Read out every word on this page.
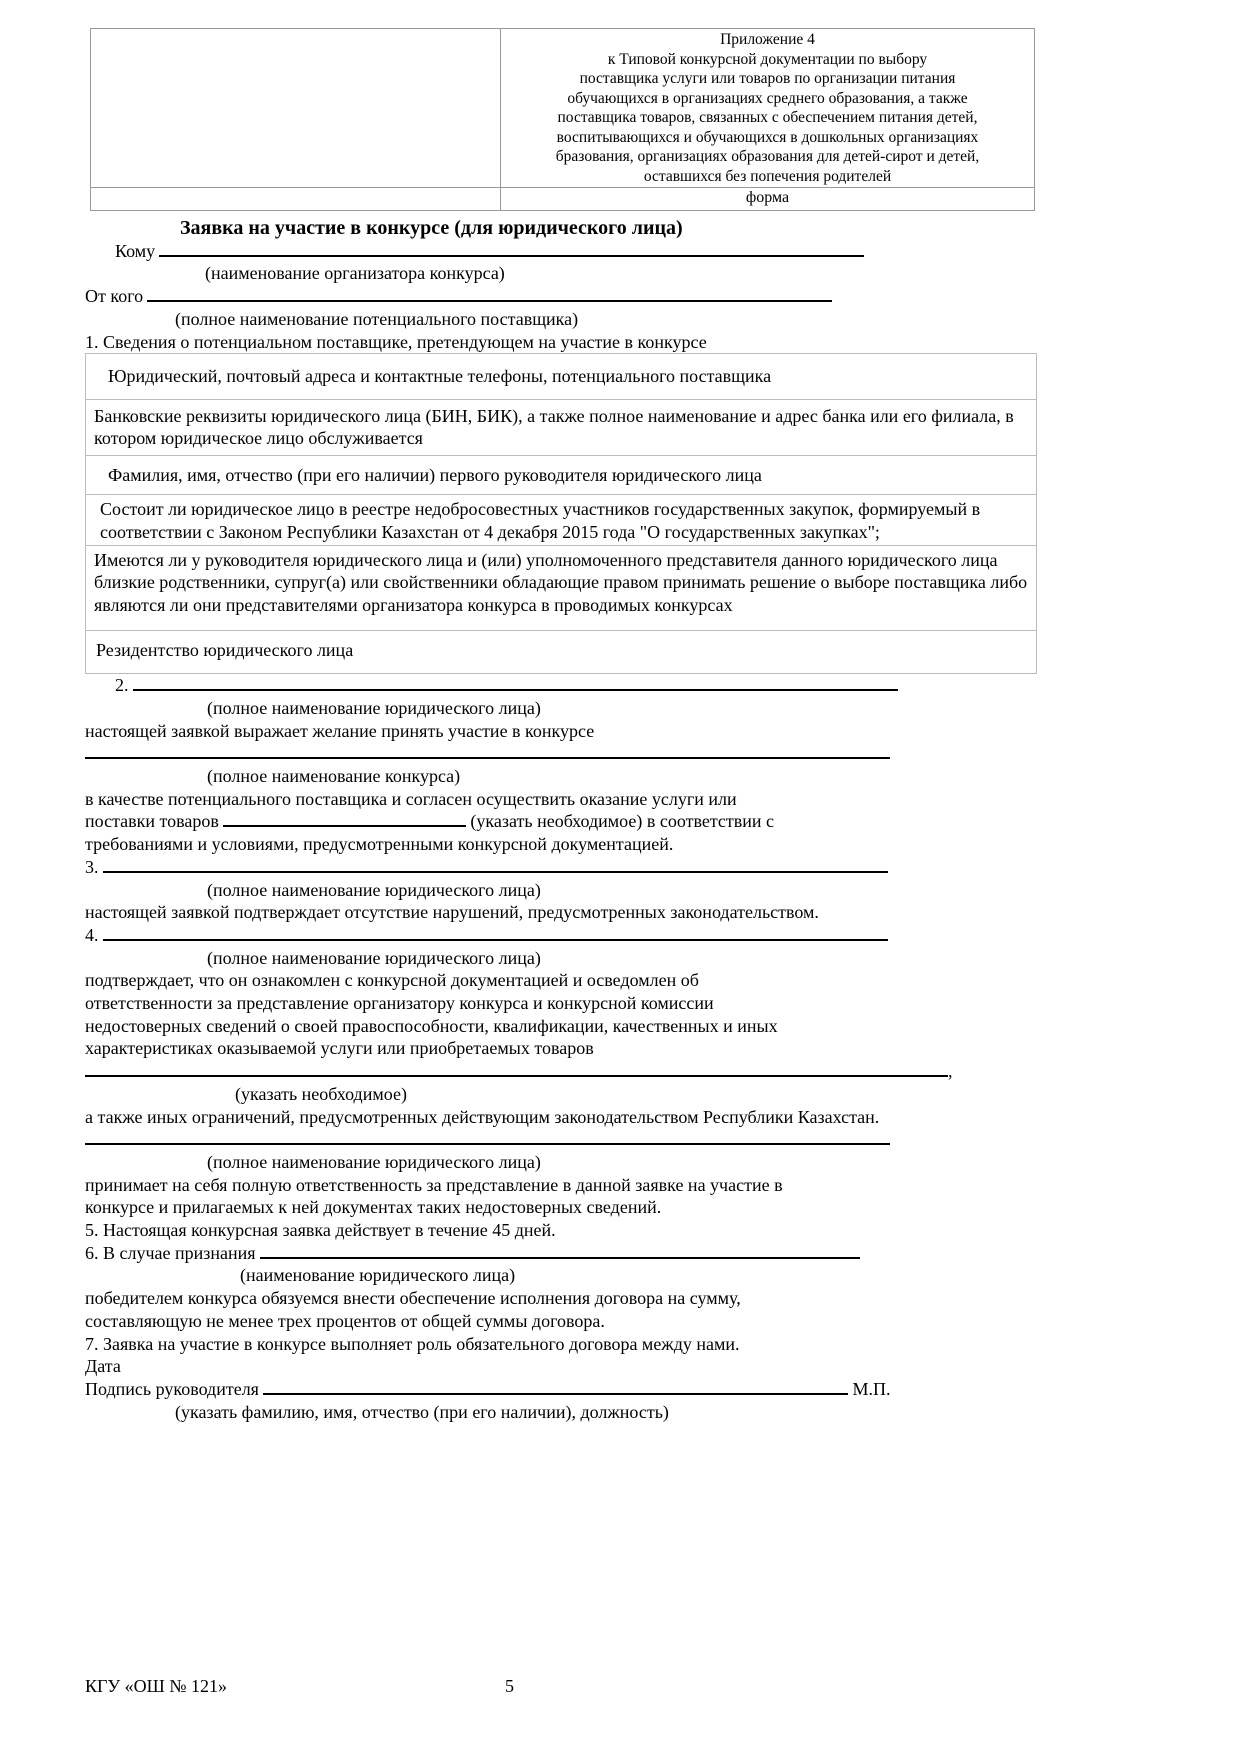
Приложение 4
к Типовой конкурсной документации по выбору
поставщика услуги или товаров по организации питания
обучающихся в организациях среднего образования, а также
поставщика товаров, связанных с обеспечением питания детей,
воспитывающихся и обучающихся в дошкольных организациях
бразования, организациях образования для детей-сирот и детей,
оставшихся без попечения родителей

	форма
Заявка на участие в конкурсе (для юридического лица)
Кому
(наименование организатора конкурса)
От кого
(полное наименование потенциального поставщика)
1. Сведения о потенциальном поставщике, претендующем на участие в конкурсе
Юридический, почтовый адреса и контактные телефоны, потенциального поставщика
Банковские реквизиты юридического лица (БИН, БИК), а также полное наименование и адрес банка или его филиала, в котором юридическое лицо обслуживается
Фамилия, имя, отчество (при его наличии) первого руководителя юридического лица
Состоит ли юридическое лицо в реестре недобросовестных участников государственных закупок, формируемый в соответствии с Законом Республики Казахстан от 4 декабря 2015 года "О государственных закупках";
Имеются ли у руководителя юридического лица и (или) уполномоченного представителя данного юридического лица близкие родственники, супруг(а) или свойственники обладающие правом принимать решение о выборе поставщика либо являются ли они представителями организатора конкурса в проводимых конкурсах
Резидентство юридического лица
2.
(полное наименование юридического лица)
настоящей заявкой выражает желание принять участие в конкурсе
(полное наименование конкурса)
в качестве потенциального поставщика и согласен осуществить оказание услуги или
поставки товаров	(указать необходимое) в соответствии с
требованиями и условиями, предусмотренными конкурсной документацией.
3.
(полное наименование юридического лица)
настоящей заявкой подтверждает отсутствие нарушений, предусмотренных законодательством.
4.
(полное наименование юридического лица)
подтверждает, что он ознакомлен с конкурсной документацией и осведомлен об
ответственности за представление организатору конкурса и конкурсной комиссии
недостоверных сведений о своей правоспособности, квалификации, качественных и иных
характеристиках оказываемой услуги или приобретаемых товаров
,
(указать необходимое)
а также иных ограничений, предусмотренных действующим законодательством Республики Казахстан.
(полное наименование юридического лица)
принимает на себя полную ответственность за представление в данной заявке на участие в
конкурсе и прилагаемых к ней документах таких недостоверных сведений.
5. Настоящая конкурсная заявка действует в течение 45 дней.
6. В случае признания
(наименование юридического лица)
победителем конкурса обязуемся внести обеспечение исполнения договора на сумму,
составляющую не менее трех процентов от общей суммы договора.
7. Заявка на участие в конкурсе выполняет роль обязательного договора между нами.
Дата
Подпись руководителя	М.П.
(указать фамилию, имя, отчество (при его наличии), должность)
КГУ «ОШ № 121»	5
